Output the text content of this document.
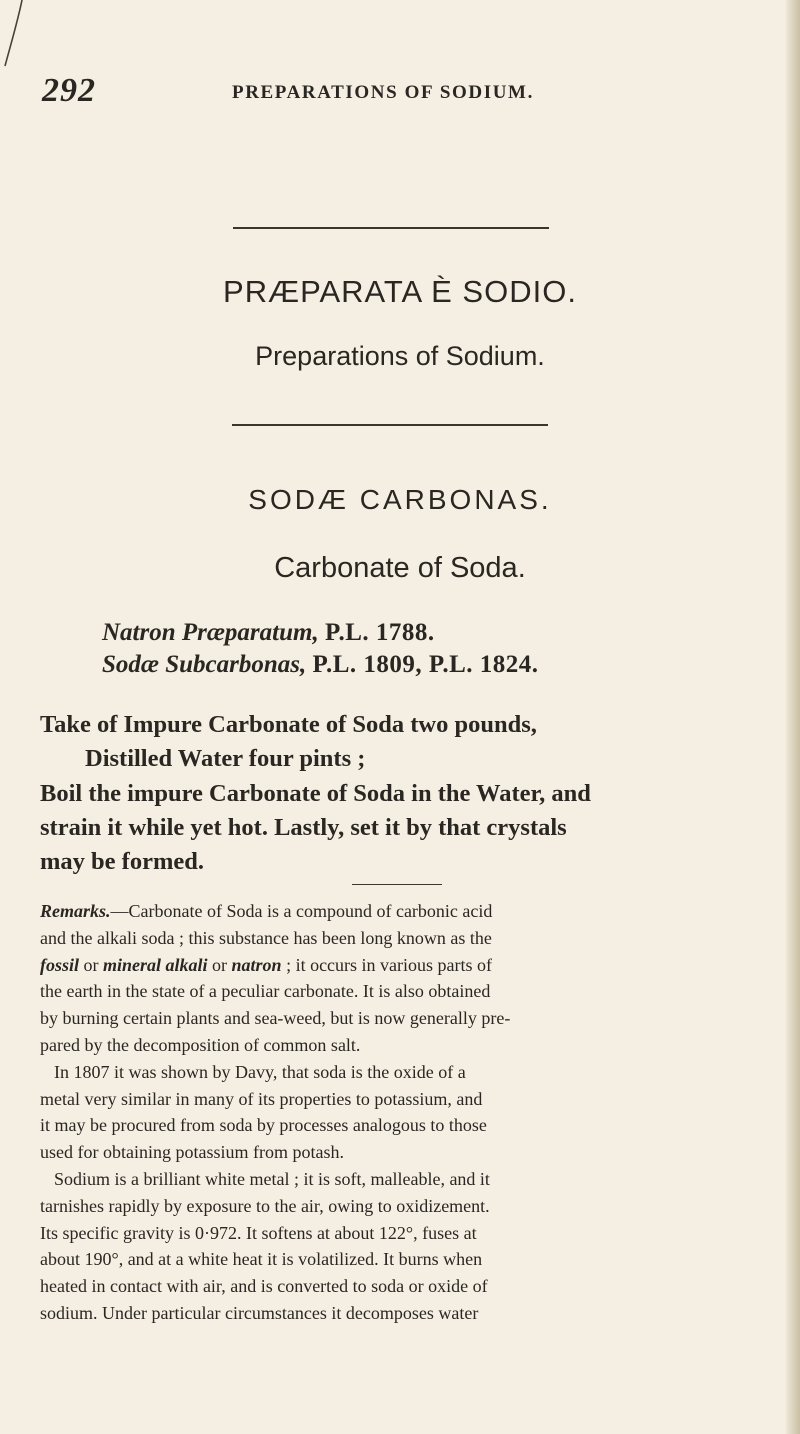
292	PREPARATIONS OF SODIUM.
PRÆPARATA È SODIO.
Preparations of Sodium.
SODÆ CARBONAS.
Carbonate of Soda.
Natron Præparatum, P.L. 1788.
Sodæ Subcarbonas, P.L. 1809, P.L. 1824.
Take of Impure Carbonate of Soda two pounds,
Distilled Water four pints ;
Boil the impure Carbonate of Soda in the Water, and
strain it while yet hot. Lastly, set it by that crystals
may be formed.
Remarks.—Carbonate of Soda is a compound of carbonic acid
and the alkali soda ; this substance has been long known as the
fossil or mineral alkali or natron ; it occurs in various parts of
the earth in the state of a peculiar carbonate. It is also obtained
by burning certain plants and sea-weed, but is now generally pre-
pared by the decomposition of common salt.
In 1807 it was shown by Davy, that soda is the oxide of a
metal very similar in many of its properties to potassium, and
it may be procured from soda by processes analogous to those
used for obtaining potassium from potash.
Sodium is a brilliant white metal ; it is soft, malleable, and it
tarnishes rapidly by exposure to the air, owing to oxidizement.
Its specific gravity is 0·972. It softens at about 122°, fuses at
about 190°, and at a white heat it is volatilized. It burns when
heated in contact with air, and is converted to soda or oxide of
sodium. Under particular circumstances it decomposes water
